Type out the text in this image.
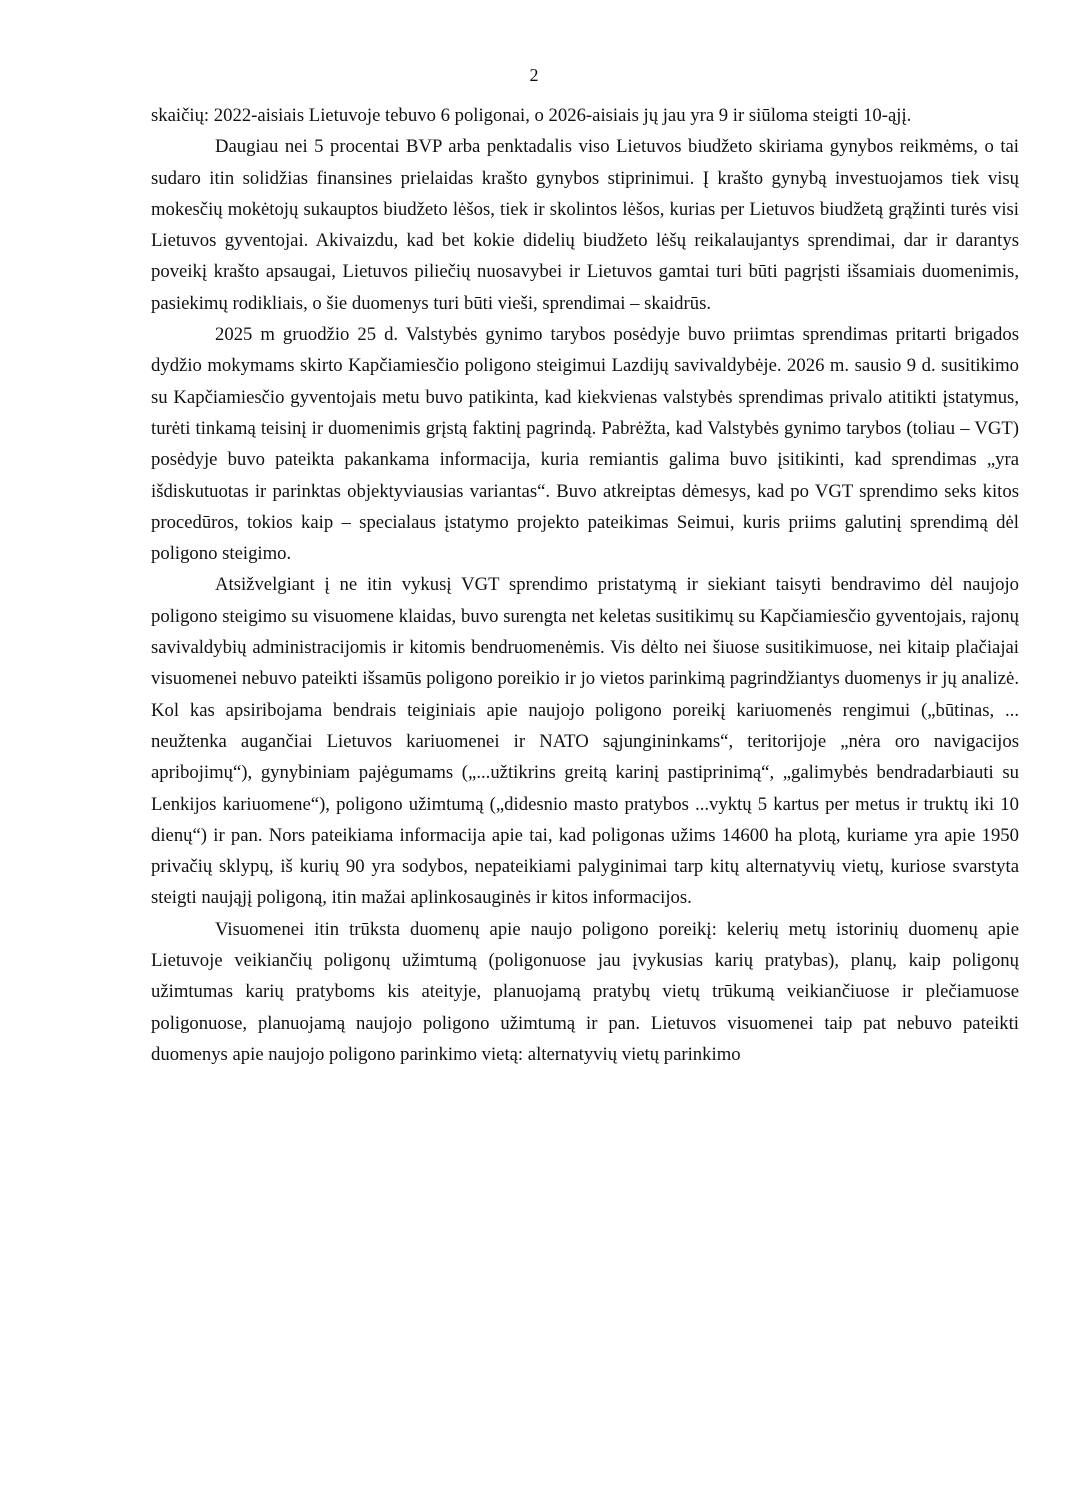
2

skaičių: 2022-aisiais Lietuvoje tebuvo 6 poligonai, o 2026-aisiais jų jau yra 9 ir siūloma steigti 10-ąjį.

Daugiau nei 5 procentai BVP arba penktadalis viso Lietuvos biudžeto skiriama gynybos reikmėms, o tai sudaro itin solidžias finansines prielaidas krašto gynybos stiprinimui. Į krašto gynybą investuojamos tiek visų mokesčių mokėtojų sukauptos biudžeto lėšos, tiek ir skolintos lėšos, kurias per Lietuvos biudžetą grąžinti turės visi Lietuvos gyventojai. Akivaizdu, kad bet kokie didelių biudžeto lėšų reikalaujantys sprendimai, dar ir darantys poveikį krašto apsaugai, Lietuvos piliečių nuosavybei ir Lietuvos gamtai turi būti pagrįsti išsamiais duomenimis, pasiekimų rodikliais, o šie duomenys turi būti vieši, sprendimai – skaidrūs.

2025 m gruodžio 25 d. Valstybės gynimo tarybos posėdyje buvo priimtas sprendimas pritarti brigados dydžio mokymams skirto Kapčiamiesčio poligono steigimui Lazdijų savivaldybėje. 2026 m. sausio 9 d. susitikimo su Kapčiamiesčio gyventojais metu buvo patikinta, kad kiekvienas valstybės sprendimas privalo atitikti įstatymus, turėti tinkamą teisinį ir duomenimis grįstą faktinį pagrindą. Pabrėžta, kad Valstybės gynimo tarybos (toliau – VGT) posėdyje buvo pateikta pakankama informacija, kuria remiantis galima buvo įsitikinti, kad sprendimas „yra išdiskutuotas ir parinktas objektyviausias variantas“. Buvo atkreiptas dėmesys, kad po VGT sprendimo seks kitos procedūros, tokios kaip – specialaus įstatymo projekto pateikimas Seimui, kuris priims galutinį sprendimą dėl poligono steigimo.

Atsižvelgiant į ne itin vykusį VGT sprendimo pristatymą ir siekiant taisyti bendravimo dėl naujojo poligono steigimo su visuomene klaidas, buvo surengta net keletas susitikimų su Kapčiamiesčio gyventojais, rajonų savivaldybių administracijomis ir kitomis bendruomenėmis. Vis dėlto nei šiuose susitikimuose, nei kitaip plačiajai visuomenei nebuvo pateikti išsamūs poligono poreikio ir jo vietos parinkimą pagrindžiantys duomenys ir jų analizė. Kol kas apsiribojama bendrais teiginiais apie naujojo poligono poreikį kariuomenės rengimui („būtinas, ... neužtenka augančiai Lietuvos kariuomenei ir NATO sąjungininkams“, teritorijoje „nėra oro navigacijos apribojimų“), gynybiniam pajėgumams („...užtikrins greitą karinį pastiprinimą“, „galimybės bendradarbiauti su Lenkijos kariuomene“), poligono užimtumą („didesnio masto pratybos ...vyktų 5 kartus per metus ir truktų iki 10 dienų“) ir pan. Nors pateikiama informacija apie tai, kad poligonas užims 14600 ha plotą, kuriame yra apie 1950 privačių sklypų, iš kurių 90 yra sodybos, nepateikiami palyginimai tarp kitų alternatyvių vietų, kuriose svarstyta steigti naująjį poligoną, itin mažai aplinkosauginės ir kitos informacijos.

Visuomenei itin trūksta duomenų apie naujo poligono poreikį: kelerių metų istorinių duomenų apie Lietuvoje veikiančių poligonų užimtumą (poligonuose jau įvykusias karių pratybas), planų, kaip poligonų užimtumas karių pratyboms kis ateityje, planuojamą pratybų vietų trūkumą veikiančiuose ir plečiamuose poligonuose, planuojamą naujojo poligono užimtumą ir pan. Lietuvos visuomenei taip pat nebuvo pateikti duomenys apie naujojo poligono parinkimo vietą: alternatyvių vietų parinkimo
